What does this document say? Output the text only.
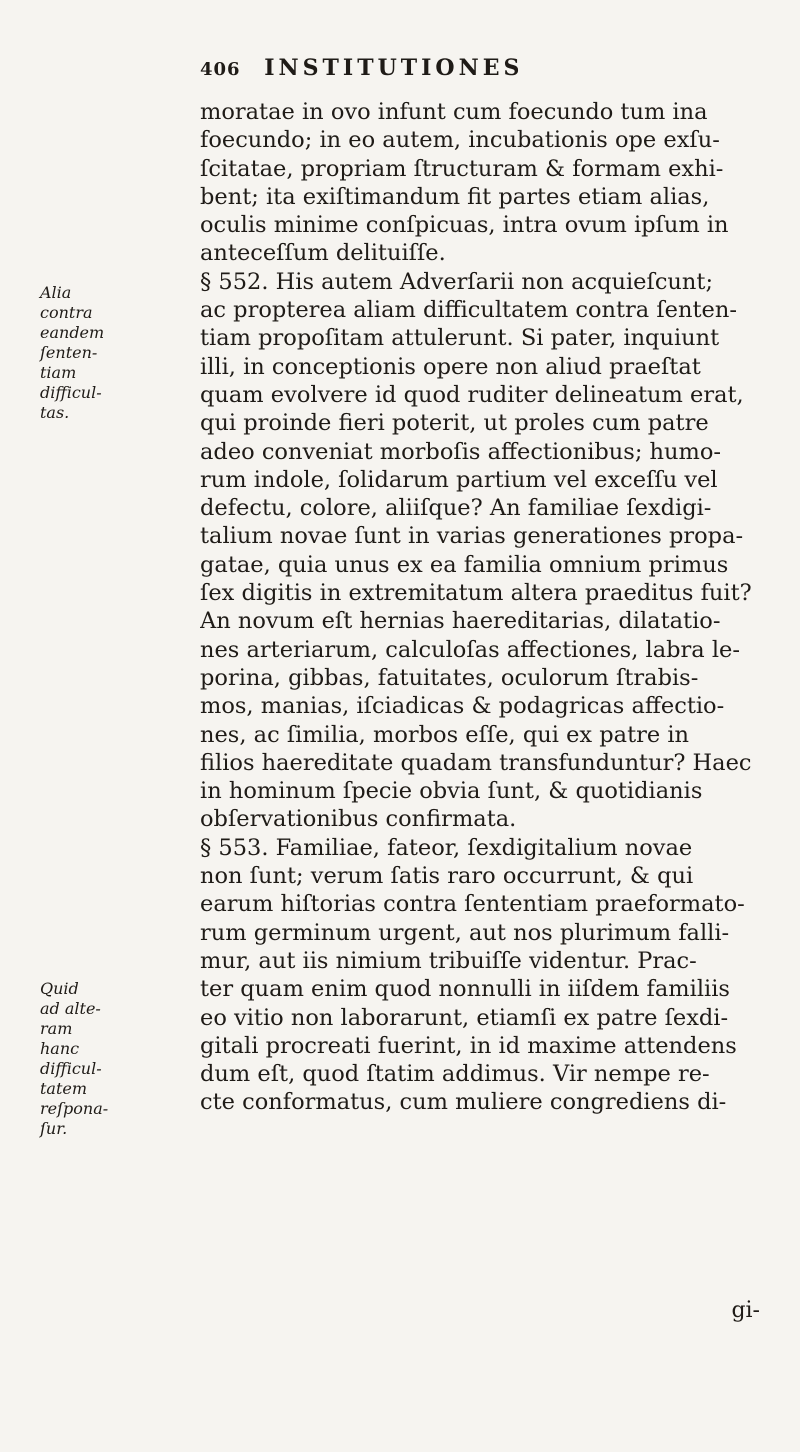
406 INSTITUTIONES
Alia
contra
eandem
ſenten-
tiam
difficul-
tas.
Quid
ad alte-
ram
hanc
difficul-
tatem
reſpona-
ſur.
moratae in ovo infunt cum foecundo tum ina
foecundo; in eo autem, incubationis ope exſu-
ſcitatae, propriam ſtructuram & formam exhi-
bent; ita exiſtimandum fit partes etiam alias,
oculis minime conſpicuas, intra ovum ipſum in
anteceſſum delituiſſe.
§ 552. His autem Adverſarii non acquieſcunt;
ac propterea aliam difficultatem contra ſenten-
tiam propoſitam attulerunt. Si pater, inquiunt
illi, in conceptionis opere non aliud praeſtat
quam evolvere id quod ruditer delineatum erat,
qui proinde fieri poterit, ut proles cum patre
adeo conveniat morboſis affectionibus; humo-
rum indole, ſolidarum partium vel exceſſu vel
defectu, colore, aliiſque? An familiae ſexdigi-
talium novae ſunt in varias generationes propa-
gatae, quia unus ex ea familia omnium primus
ſex digitis in extremitatum altera praeditus fuit?
An novum eſt hernias haereditarias, dilatatio-
nes arteriarum, calculoſas affectiones, labra le-
porina, gibbas, fatuitates, oculorum ſtrabis-
mos, manias, iſciadicas & podagricas affectio-
nes, ac ſimilia, morbos eſſe, qui ex patre in
filios haereditate quadam transfunduntur? Haec
in hominum ſpecie obvia ſunt, & quotidianis
obſervationibus confirmata.
§ 553. Familiae, fateor, ſexdigitalium novae
non ſunt; verum ſatis raro occurrunt, & qui
earum hiſtorias contra ſententiam praeformato-
rum germinum urgent, aut nos plurimum falli-
mur, aut iis nimium tribuiſſe videntur. Prac-
ter quam enim quod nonnulli in iiſdem familiis
eo vitio non laborarunt, etiamſi ex patre ſexdi-
gitali procreati fuerint, in id maxime attendens
dum eſt, quod ſtatim addimus. Vir nempe re-
cte conformatus, cum muliere congrediens di-
gi-
